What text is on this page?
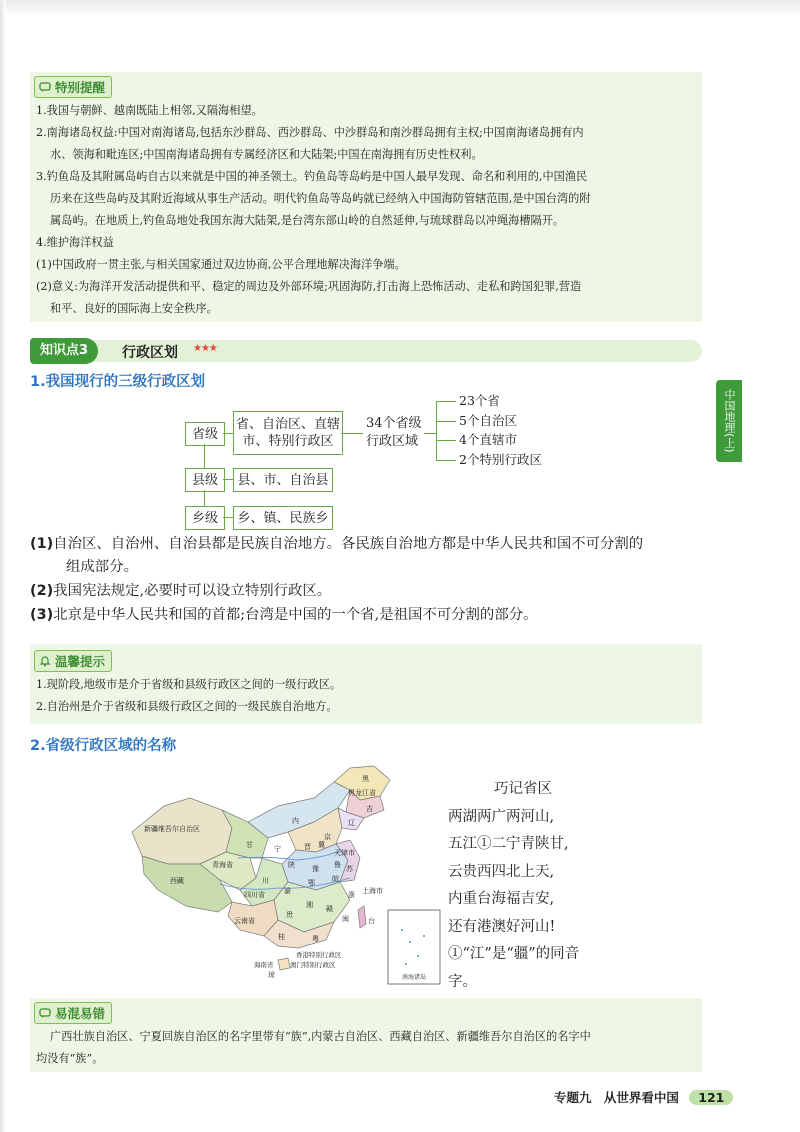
特别提醒

1.我国与朝鲜、越南既陆上相邻,又隔海相望。

2.南海诸岛权益:中国对南海诸岛,包括东沙群岛、西沙群岛、中沙群岛和南沙群岛拥有主权;中国南海诸岛拥有内

水、领海和毗连区;中国南海诸岛拥有专属经济区和大陆架;中国在南海拥有历史性权利。

3.钓鱼岛及其附属岛屿自古以来就是中国的神圣领土。钓鱼岛等岛屿是中国人最早发现、命名和利用的,中国渔民

历来在这些岛屿及其附近海域从事生产活动。明代钓鱼岛等岛屿就已经纳入中国海防管辖范围,是中国台湾的附

属岛屿。在地质上,钓鱼岛地处我国东海大陆架,是台湾东部山岭的自然延伸,与琉球群岛以冲绳海槽隔开。

4.维护海洋权益

(1)中国政府一贯主张,与相关国家通过双边协商,公平合理地解决海洋争端。

(2)意义:为海洋开发活动提供和平、稳定的周边及外部环境;巩固海防,打击海上恐怖活动、走私和跨国犯罪,营造

和平、良好的国际海上安全秩序。

知识点3	行政区划 ★★★
1.我国现行的三级行政区划
省级
省、自治区、直辖
市、特别行政区
34个省级
行政区域
23个省
5个自治区
4个直辖市
2个特别行政区
县级	县、市、自治县
乡级	乡、镇、民族乡
(1)自治区、自治州、自治县都是民族自治地方。各民族自治地方都是中华人民共和国不可分割的
组成部分。
(2)我国宪法规定,必要时可以设立特别行政区。
(3)北京是中华人民共和国的首都;台湾是中国的一个省,是祖国不可分割的部分。
温馨提示

1.现阶段,地级市是介于省级和县级行政区之间的一级行政区。

2.自治州是介于省级和县级行政区之间的一级民族自治地方。

2.省级行政区域的名称
黑龙江省
新疆维吾尔自治区
青海省
西藏
四川省
云南省
天津市
上海市
香港特别行政区
澳门特别行政区
海南省
南海诸岛
黑
吉
辽
京
宁
内
晋 冀
鲁
甘
陕 豫	苏
皖
鄂
渝
川
浙
湘 赣
贵	闽
桂	粤
台
琼
巧记省区
两湖两广两河山,
五江①二宁青陕甘,
云贵西四北上天,
内重台海福吉安,
还有港澳好河山!
①“江”是“疆”的同音
字。
易混易错

广西壮族自治区、宁夏回族自治区的名字里带有“族”,内蒙古自治区、西藏自治区、新疆维吾尔自治区的名字中

均没有“族”。

中国地理(上)
专题九 从世界看中国 121
